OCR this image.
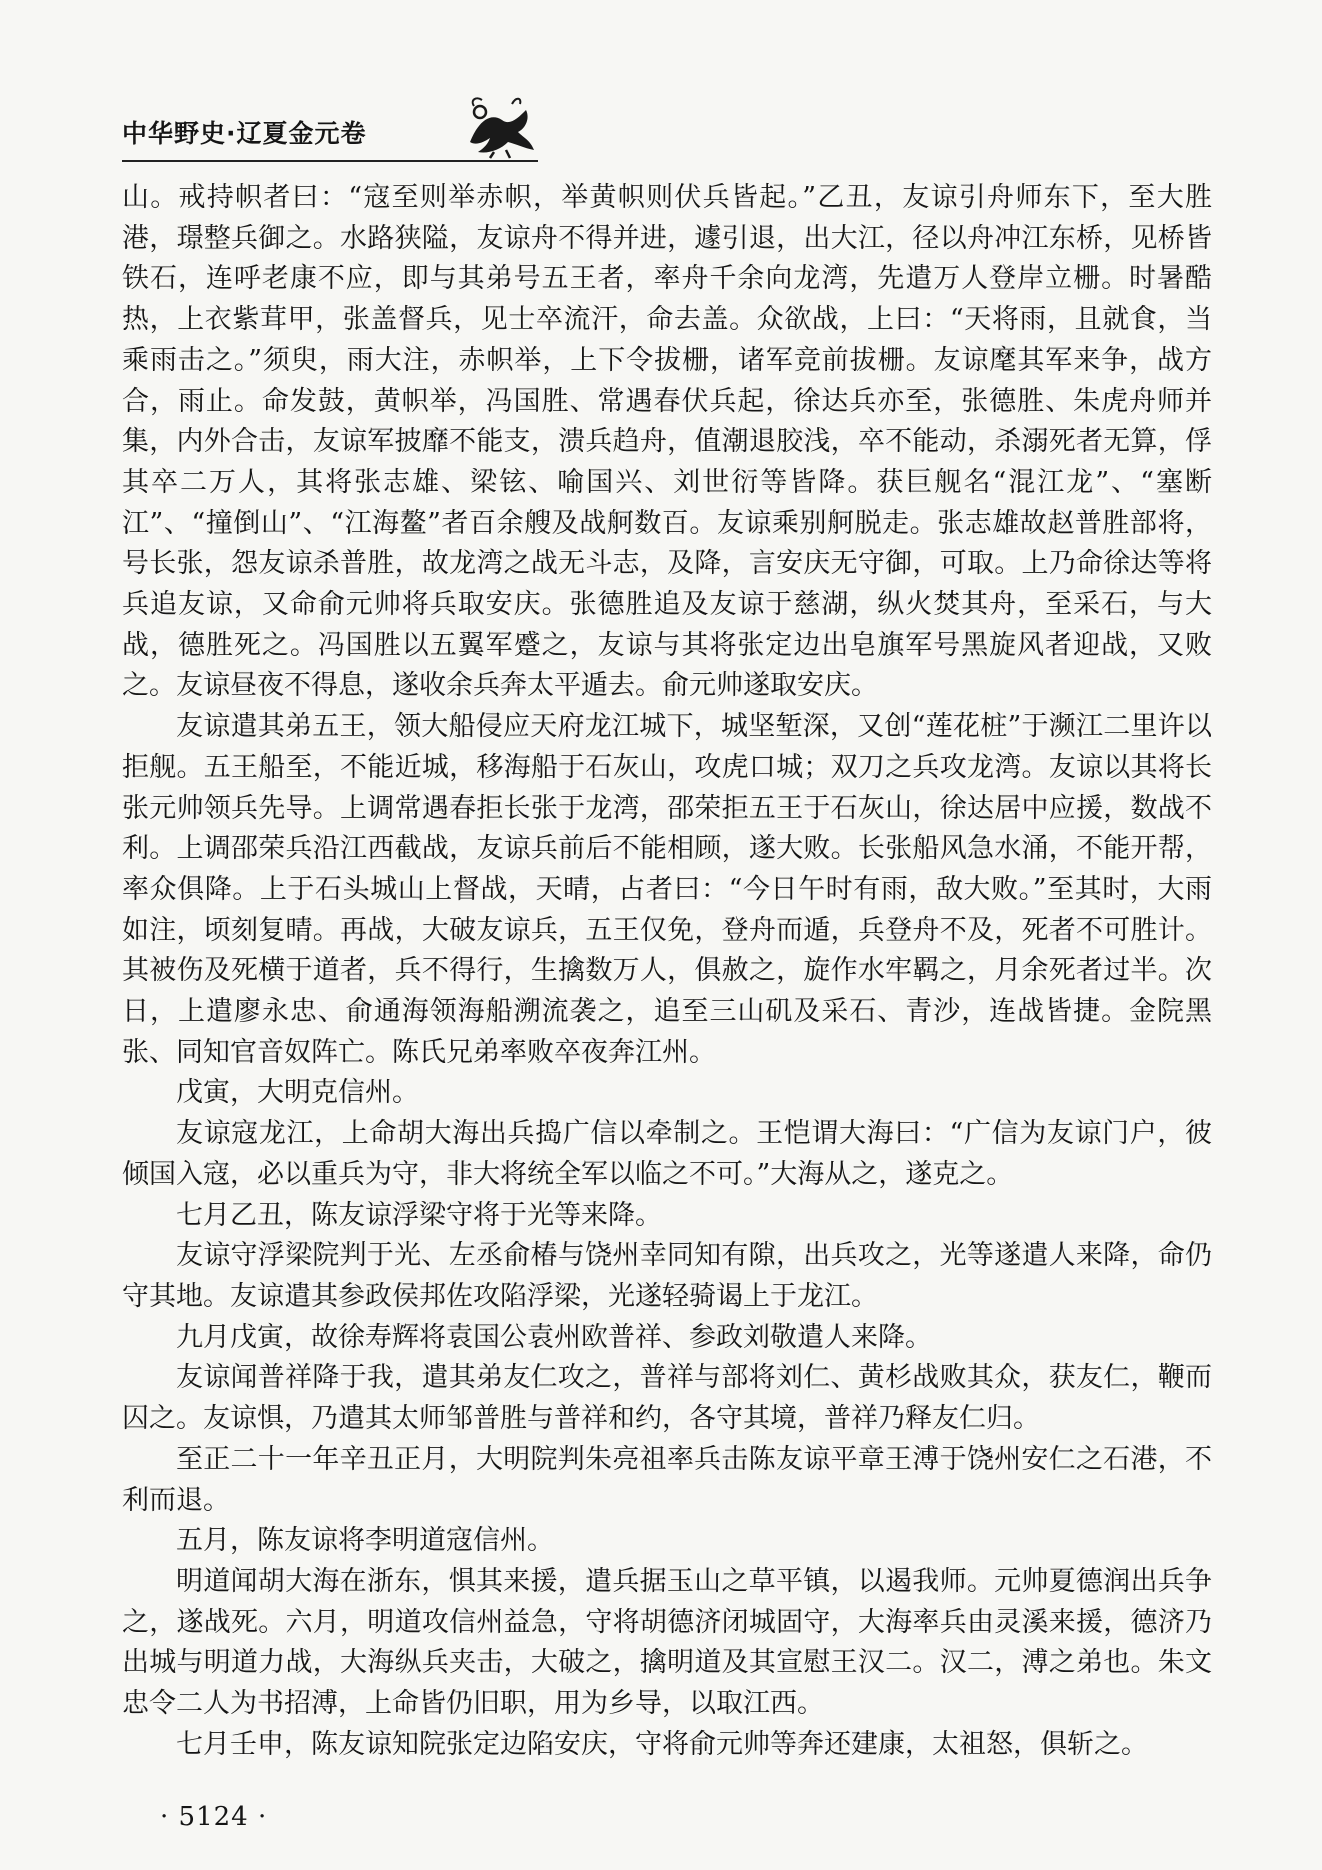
中华野史·辽夏金元卷

山。戒持帜者曰：“寇至则举赤帜，举黄帜则伏兵皆起。”乙丑，友谅引舟师东下，至大胜港，璟整兵御之。水路狭隘，友谅舟不得并进，遽引退，出大江，径以舟冲江东桥，见桥皆铁石，连呼老康不应，即与其弟号五王者，率舟千余向龙湾，先遣万人登岸立栅。时暑酷热，上衣紫茸甲，张盖督兵，见士卒流汗，命去盖。众欲战，上曰：“天将雨，且就食，当乘雨击之。”须臾，雨大注，赤帜举，上下令拔栅，诸军竞前拔栅。友谅麾其军来争，战方合，雨止。命发鼓，黄帜举，冯国胜、常遇春伏兵起，徐达兵亦至，张德胜、朱虎舟师并集，内外合击，友谅军披靡不能支，溃兵趋舟，值潮退胶浅，卒不能动，杀溺死者无算，俘其卒二万人，其将张志雄、梁铉、喻国兴、刘世衍等皆降。获巨舰名“混江龙”、“塞断江”、“撞倒山”、“江海鳌”者百余艘及战舸数百。友谅乘别舸脱走。张志雄故赵普胜部将，号长张，怨友谅杀普胜，故龙湾之战无斗志，及降，言安庆无守御，可取。上乃命徐达等将兵追友谅，又命俞元帅将兵取安庆。张德胜追及友谅于慈湖，纵火焚其舟，至采石，与大战，德胜死之。冯国胜以五翼军蹙之，友谅与其将张定边出皂旗军号黑旋风者迎战，又败之。友谅昼夜不得息，遂收余兵奔太平遁去。俞元帅遂取安庆。

友谅遣其弟五王，领大船侵应天府龙江城下，城坚堑深，又创“莲花桩”于濒江二里许以拒舰。五王船至，不能近城，移海船于石灰山，攻虎口城；双刀之兵攻龙湾。友谅以其将长张元帅领兵先导。上调常遇春拒长张于龙湾，邵荣拒五王于石灰山，徐达居中应援，数战不利。上调邵荣兵沿江西截战，友谅兵前后不能相顾，遂大败。长张船风急水涌，不能开帮，率众俱降。上于石头城山上督战，天晴，占者曰：“今日午时有雨，敌大败。”至其时，大雨如注，顷刻复晴。再战，大破友谅兵，五王仅免，登舟而遁，兵登舟不及，死者不可胜计。其被伤及死横于道者，兵不得行，生擒数万人，俱赦之，旋作水牢羁之，月余死者过半。次日，上遣廖永忠、俞通海领海船溯流袭之，追至三山矶及采石、青沙，连战皆捷。金院黑张、同知官音奴阵亡。陈氏兄弟率败卒夜奔江州。

戊寅，大明克信州。

友谅寇龙江，上命胡大海出兵捣广信以牵制之。王恺谓大海曰：“广信为友谅门户，彼倾国入寇，必以重兵为守，非大将统全军以临之不可。”大海从之，遂克之。

七月乙丑，陈友谅浮梁守将于光等来降。

友谅守浮梁院判于光、左丞俞椿与饶州幸同知有隙，出兵攻之，光等遂遣人来降，命仍守其地。友谅遣其参政侯邦佐攻陷浮梁，光遂轻骑谒上于龙江。

九月戊寅，故徐寿辉将袁国公袁州欧普祥、参政刘敬遣人来降。

友谅闻普祥降于我，遣其弟友仁攻之，普祥与部将刘仁、黄杉战败其众，获友仁，鞭而囚之。友谅惧，乃遣其太师邹普胜与普祥和约，各守其境，普祥乃释友仁归。

至正二十一年辛丑正月，大明院判朱亮祖率兵击陈友谅平章王溥于饶州安仁之石港，不利而退。

五月，陈友谅将李明道寇信州。

明道闻胡大海在浙东，惧其来援，遣兵据玉山之草平镇，以遏我师。元帅夏德润出兵争之，遂战死。六月，明道攻信州益急，守将胡德济闭城固守，大海率兵由灵溪来援，德济乃出城与明道力战，大海纵兵夹击，大破之，擒明道及其宣慰王汉二。汉二，溥之弟也。朱文忠令二人为书招溥，上命皆仍旧职，用为乡导，以取江西。

七月壬申，陈友谅知院张定边陷安庆，守将俞元帅等奔还建康，太祖怒，俱斩之。

· 5124 ·
